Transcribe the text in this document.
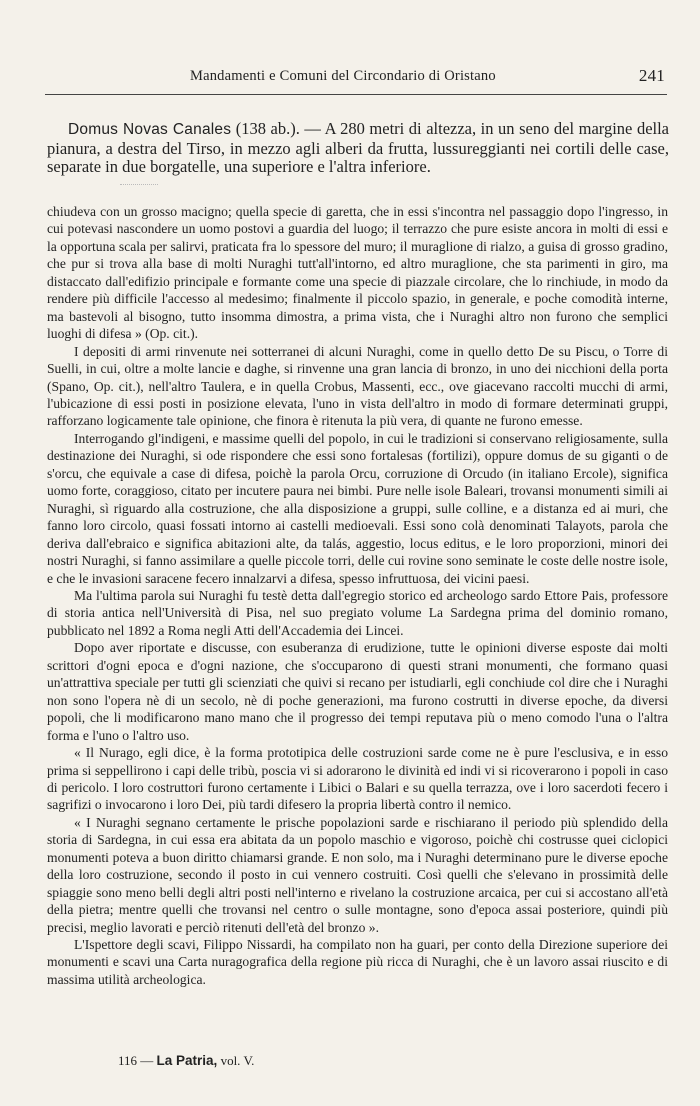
Mandamenti e Comuni del Circondario di Oristano	241
Domus Novas Canales (138 ab.). — A 280 metri di altezza, in un seno del margine della pianura, a destra del Tirso, in mezzo agli alberi da frutta, lussureggianti nei cortili delle case, separate in due borgatelle, una superiore e l'altra inferiore.

chiudeva con un grosso macigno; quella specie di garetta, che in essi s'incontra nel passaggio dopo l'ingresso, in cui potevasi nascondere un uomo postovi a guardia del luogo; il terrazzo che pure esiste ancora in molti di essi e la opportuna scala per salirvi, praticata fra lo spessore del muro; il muraglione di rialzo, a guisa di grosso gradino, che pur si trova alla base di molti Nuraghi tutt'all'intorno, ed altro muraglione, che sta parimenti in giro, ma distaccato dall'edifizio principale e formante come una specie di piazzale circolare, che lo rinchiude, in modo da rendere più difficile l'accesso al medesimo; finalmente il piccolo spazio, in generale, e poche comodità interne, ma bastevoli al bisogno, tutto insomma dimostra, a prima vista, che i Nuraghi altro non furono che semplici luoghi di difesa » (Op. cit.).

I depositi di armi rinvenute nei sotterranei di alcuni Nuraghi, come in quello detto De su Piscu, o Torre di Suelli, in cui, oltre a molte lancie e daghe, si rinvenne una gran lancia di bronzo, in uno dei nicchioni della porta (Spano, Op. cit.), nell'altro Taulera, e in quella Crobus, Massenti, ecc., ove giacevano raccolti mucchi di armi, l'ubicazione di essi posti in posizione elevata, l'uno in vista dell'altro in modo di formare determinati gruppi, rafforzano logicamente tale opinione, che finora è ritenuta la più vera, di quante ne furono emesse.

Interrogando gl'indigeni, e massime quelli del popolo, in cui le tradizioni si conservano religiosamente, sulla destinazione dei Nuraghi, si ode rispondere che essi sono fortalesas (fortilizi), oppure domus de su giganti o de s'orcu, che equivale a case di difesa, poichè la parola Orcu, corruzione di Orcudo (in italiano Ercole), significa uomo forte, coraggioso, citato per incutere paura nei bimbi. Pure nelle isole Baleari, trovansi monumenti simili ai Nuraghi, sì riguardo alla costruzione, che alla disposizione a gruppi, sulle colline, e a distanza ed ai muri, che fanno loro circolo, quasi fossati intorno ai castelli medioevali. Essi sono colà denominati Talayots, parola che deriva dall'ebraico e significa abitazioni alte, da talás, aggestio, locus editus, e le loro proporzioni, minori dei nostri Nuraghi, si fanno assimilare a quelle piccole torri, delle cui rovine sono seminate le coste delle nostre isole, e che le invasioni saracene fecero innalzarvi a difesa, spesso infruttuosa, dei vicini paesi.

Ma l'ultima parola sui Nuraghi fu testè detta dall'egregio storico ed archeologo sardo Ettore Pais, professore di storia antica nell'Università di Pisa, nel suo pregiato volume La Sardegna prima del dominio romano, pubblicato nel 1892 a Roma negli Atti dell'Accademia dei Lincei.

Dopo aver riportate e discusse, con esuberanza di erudizione, tutte le opinioni diverse esposte dai molti scrittori d'ogni epoca e d'ogni nazione, che s'occuparono di questi strani monumenti, che formano quasi un'attrattiva speciale per tutti gli scienziati che quivi si recano per istudiarli, egli conchiude col dire che i Nuraghi non sono l'opera nè di un secolo, nè di poche generazioni, ma furono costrutti in diverse epoche, da diversi popoli, che li modificarono mano mano che il progresso dei tempi reputava più o meno comodo l'una o l'altra forma e l'uno o l'altro uso.

« Il Nurago, egli dice, è la forma prototipica delle costruzioni sarde come ne è pure l'esclusiva, e in esso prima si seppellirono i capi delle tribù, poscia vi si adorarono le divinità ed indi vi si ricoverarono i popoli in caso di pericolo. I loro costruttori furono certamente i Libici o Balari e su quella terrazza, ove i loro sacerdoti fecero i sagrifizi o invocarono i loro Dei, più tardi difesero la propria libertà contro il nemico.

« I Nuraghi segnano certamente le prische popolazioni sarde e rischiarano il periodo più splendido della storia di Sardegna, in cui essa era abitata da un popolo maschio e vigoroso, poichè chi costrusse quei ciclopici monumenti poteva a buon diritto chiamarsi grande. E non solo, ma i Nuraghi determinano pure le diverse epoche della loro costruzione, secondo il posto in cui vennero costruiti. Così quelli che s'elevano in prossimità delle spiaggie sono meno belli degli altri posti nell'interno e rivelano la costruzione arcaica, per cui si accostano all'età della pietra; mentre quelli che trovansi nel centro o sulle montagne, sono d'epoca assai posteriore, quindi più precisi, meglio lavorati e perciò ritenuti dell'età del bronzo ».

L'Ispettore degli scavi, Filippo Nissardi, ha compilato non ha guari, per conto della Direzione superiore dei monumenti e scavi una Carta nuragografica della regione più ricca di Nuraghi, che è un lavoro assai riuscito e di massima utilità archeologica.

116 — La Patria, vol. V.
